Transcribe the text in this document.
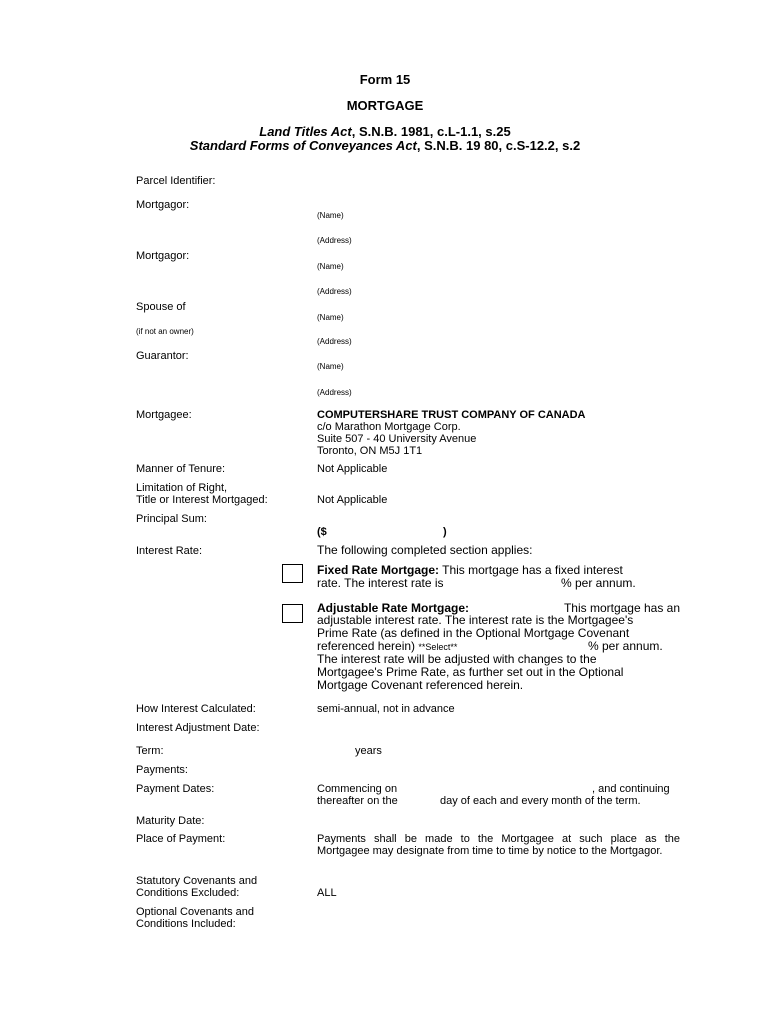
Form 15
MORTGAGE
Land Titles Act, S.N.B. 1981, c.L-1.1, s.25
Standard Forms of Conveyances Act, S.N.B. 19 80, c.S-12.2, s.2
Parcel Identifier:
Mortgagor:
(Name)
(Address)
Mortgagor:
(Name)
(Address)
Spouse of
(Name)
(if not an owner)
(Address)
Guarantor:
(Name)
(Address)
Mortgagee:	COMPUTERSHARE TRUST COMPANY OF CANADA
c/o Marathon Mortgage Corp.
Suite 507 - 40 University Avenue
Toronto, ON M5J 1T1
Manner of Tenure:	Not Applicable
Limitation of Right,
Title or Interest Mortgaged:	Not Applicable
Principal Sum:
($	)
Interest Rate:	The following completed section applies:
Fixed Rate Mortgage: This mortgage has a fixed interest
rate. The interest rate is	% per annum.
Adjustable Rate Mortgage:	This mortgage has an
adjustable interest rate. The interest rate is the Mortgagee's
Prime Rate (as defined in the Optional Mortgage Covenant
referenced herein) **Select**	% per annum.
The interest rate will be adjusted with changes to the
Mortgagee's Prime Rate, as further set out in the Optional
Mortgage Covenant referenced herein.
How Interest Calculated:	semi-annual, not in advance
Interest Adjustment Date:
Term:	years
Payments:
Payment Dates:	Commencing on	, and continuing
thereafter on the	day of each and every month of the term.
Maturity Date:
Place of Payment:	Payments shall be made to the Mortgagee at such place as the Mortgagee may designate from time to time by notice to the Mortgagor.
Statutory Covenants and
Conditions Excluded:	ALL
Optional Covenants and
Conditions Included:
